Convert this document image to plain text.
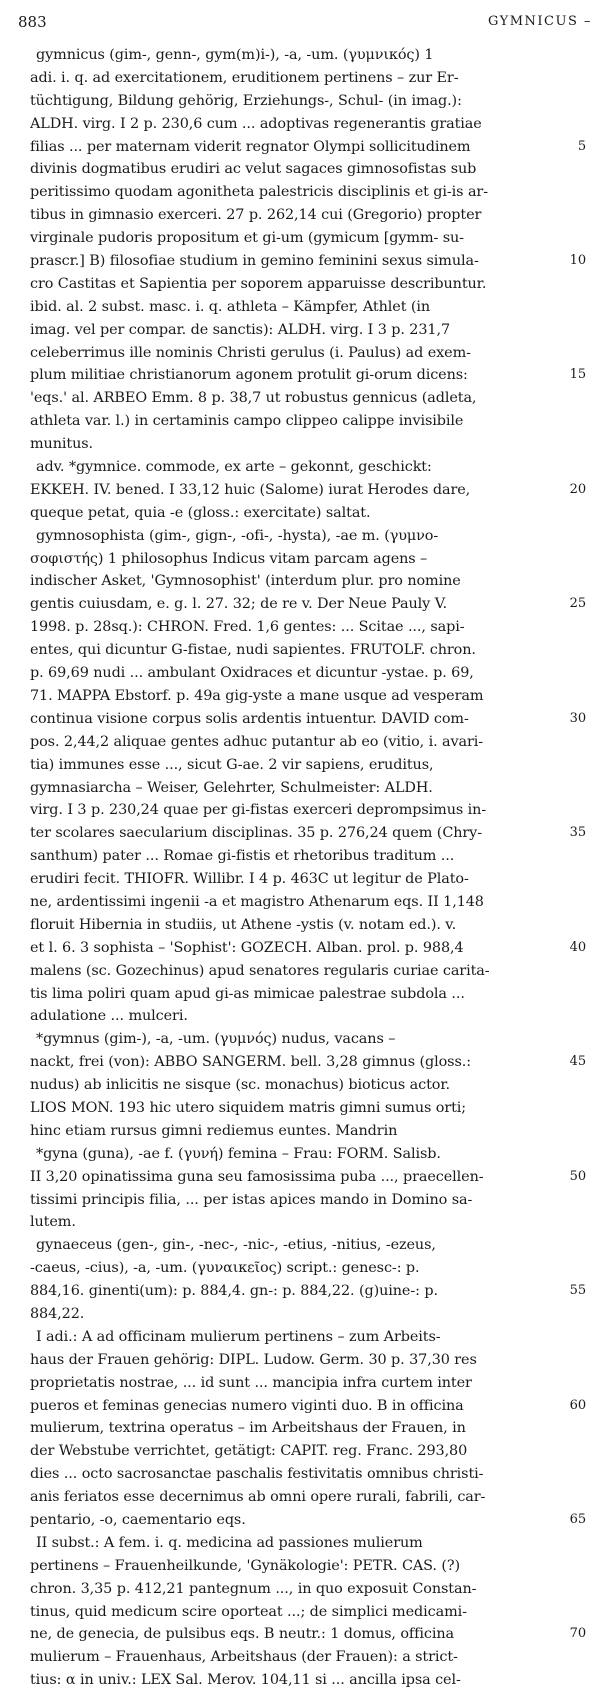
883	GYMNICUS –
gymnicus (gim-, genn-, gym(m)i-), -a, -um. (γυμνικός) 1
adi. i. q. ad exercitationem, eruditionem pertinens – zur Er-
tüchtigung, Bildung gehörig, Erziehungs-, Schul- (in imag.):
ALDH. virg. I 2 p. 230,6 cum ... adoptivas regenerantis gratiae
filias ... per maternam viderit regnator Olympi sollicitudinem	5
divinis dogmatibus erudiri ac velut sagaces gimnosofistas sub
peritissimo quodam agonitheta palestricis disciplinis et gi-is ar-
tibus in gimnasio exerceri. 27 p. 262,14 cui (Gregorio) propter
virginale pudoris propositum et gi-um (gymicum [gymm- su-
prascr.] B) filosofiae studium in gemino feminini sexus simula-	10
cro Castitas et Sapientia per soporem apparuisse describuntur.
ibid. al. 2 subst. masc. i. q. athleta – Kämpfer, Athlet (in
imag. vel per compar. de sanctis): ALDH. virg. I 3 p. 231,7
celeberrimus ille nominis Christi gerulus (i. Paulus) ad exem-
plum militiae christianorum agonem protulit gi-orum dicens:	15
'eqs.' al. ARBEO Emm. 8 p. 38,7 ut robustus gennicus (adleta,
athleta var. l.) in certaminis campo clippeo calippe invisibile
munitus.
adv. *gymnice. commode, ex arte – gekonnt, geschickt:
EKKEH. IV. bened. I 33,12 huic (Salome) iurat Herodes dare,	20
queque petat, quia -e (gloss.: exercitate) saltat.
gymnosophista (gim-, gign-, -ofi-, -hysta), -ae m. (γυμνο-
σοφιστής) 1 philosophus Indicus vitam parcam agens –
indischer Asket, 'Gymnosophist' (interdum plur. pro nomine
gentis cuiusdam, e. g. l. 27. 32; de re v. Der Neue Pauly V.	25
1998. p. 28sq.): CHRON. Fred. 1,6 gentes: ... Scitae ..., sapi-
entes, qui dicuntur G-fistae, nudi sapientes. FRUTOLF. chron.
p. 69,69 nudi ... ambulant Oxidraces et dicuntur -ystae. p. 69,
71. MAPPA Ebstorf. p. 49a gig-yste a mane usque ad vesperam
continua visione corpus solis ardentis intuentur. DAVID com-	30
pos. 2,44,2 aliquae gentes adhuc putantur ab eo (vitio, i. avari-
tia) immunes esse ..., sicut G-ae. 2 vir sapiens, eruditus,
gymnasiarcha – Weiser, Gelehrter, Schulmeister: ALDH.
virg. I 3 p. 230,24 quae per gi-fistas exerceri deprompsimus in-
ter scolares saecularium disciplinas. 35 p. 276,24 quem (Chry-	35
santhum) pater ... Romae gi-fistis et rhetoribus traditum ...
erudiri fecit. THIOFR. Willibr. I 4 p. 463C ut legitur de Plato-
ne, ardentissimi ingenii -a et magistro Athenarum eqs. II 1,148
floruit Hibernia in studiis, ut Athene -ystis (v. notam ed.). v.
et l. 6. 3 sophista – 'Sophist': GOZECH. Alban. prol. p. 988,4	40
malens (sc. Gozechinus) apud senatores regularis curiae carita-
tis lima poliri quam apud gi-as mimicae palestrae subdola ...
adulatione ... mulceri.
*gymnus (gim-), -a, -um. (γυμνός) nudus, vacans –
nackt, frei (von): ABBO SANGERM. bell. 3,28 gimnus (gloss.:	45
nudus) ab inlicitis ne sisque (sc. monachus) bioticus actor.
LIOS MON. 193 hic utero siquidem matris gimni sumus orti;
hinc etiam rursus gimni rediemus euntes. Mandrin
*gyna (guna), -ae f. (γυνή) femina – Frau: FORM. Salisb.
II 3,20 opinatissima guna seu famosissima puba ..., praecellen-	50
tissimi principis filia, ... per istas apices mando in Domino sa-
lutem.
gynaeceus (gen-, gin-, -nec-, -nic-, -etius, -nitius, -ezeus,
-caeus, -cius), -a, -um. (γυναικεῖος) script.: genesc-: p.
884,16. ginenti(um): p. 884,4. gn-: p. 884,22. (g)uine-: p.	55
884,22.
I adi.: A ad officinam mulierum pertinens – zum Arbeits-
haus der Frauen gehörig: DIPL. Ludow. Germ. 30 p. 37,30 res
proprietatis nostrae, ... id sunt ... mancipia infra curtem inter
pueros et feminas genecias numero viginti duo. B in officina	60
mulierum, textrina operatus – im Arbeitshaus der Frauen, in
der Webstube verrichtet, getätigt: CAPIT. reg. Franc. 293,80
dies ... octo sacrosanctae paschalis festivitatis omnibus christi-
anis feriatos esse decernimus ab omni opere rurali, fabrili, car-
pentario, -o, caementario eqs.	65
II subst.: A fem. i. q. medicina ad passiones mulierum
pertinens – Frauenheilkunde, 'Gynäkologie': PETR. CAS. (?)
chron. 3,35 p. 412,21 pantegnum ..., in quo exposuit Constan-
tinus, quid medicum scire oporteat ...; de simplici medicami-
ne, de genecia, de pulsibus eqs. B neutr.: 1 domus, officina	70
mulierum – Frauenhaus, Arbeitshaus (der Frauen): a strict-
tius: α in univ.: LEX Sal. Merov. 104,11 si ... ancilla ipsa cel-
